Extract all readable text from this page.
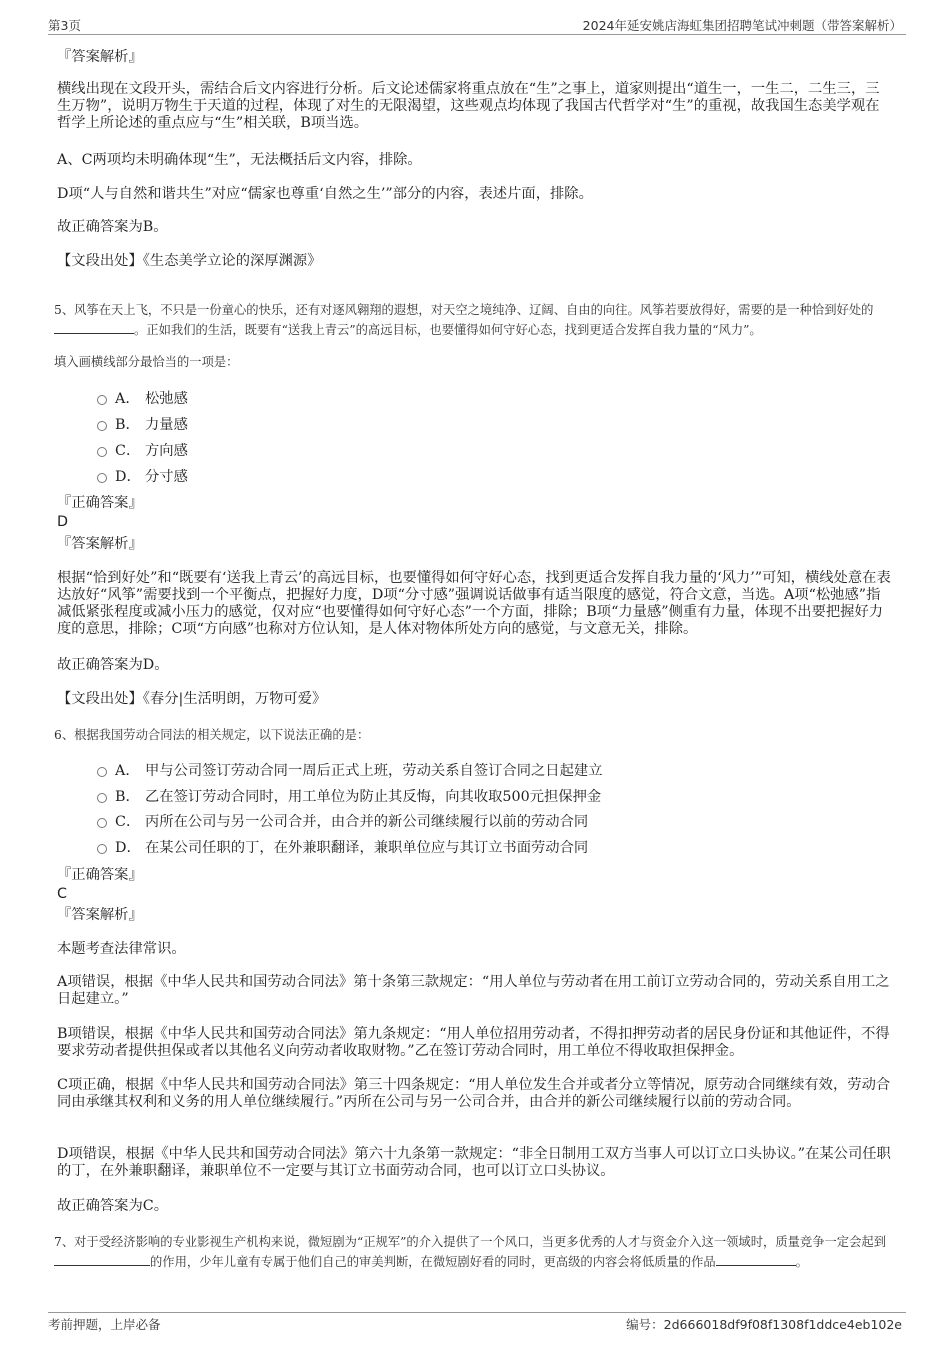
第3页	2024年延安姚店海虹集团招聘笔试冲刺题（带答案解析）
『答案解析』

横线出现在文段开头，需结合后文内容进行分析。后文论述儒家将重点放在“生”之事上，道家则提出“道生一，一生二，二生三，三生万物”，说明万物生于天道的过程，体现了对生的无限渴望，这些观点均体现了我国古代哲学对“生”的重视，故我国生态美学观在哲学上所论述的重点应与“生”相关联，B项当选。

A、C两项均未明确体现“生”，无法概括后文内容，排除。

D项“人与自然和谐共生”对应“儒家也尊重‘自然之生’”部分的内容，表述片面，排除。

故正确答案为B。

【文段出处】《生态美学立论的深厚渊源》

5、风筝在天上飞，不只是一份童心的快乐，还有对逐风翱翔的遐想，对天空之境纯净、辽阔、自由的向往。风筝若要放得好，需要的是一种恰到好处的。正如我们的生活，既要有“送我上青云”的高远目标，也要懂得如何守好心态，找到更适合发挥自我力量的“风力”。

填入画横线部分最恰当的一项是：

A． 松弛感
B． 力量感
C． 方向感
D． 分寸感
『正确答案』
D
『答案解析』

根据“恰到好处”和“既要有‘送我上青云’的高远目标，也要懂得如何守好心态，找到更适合发挥自我力量的‘风力’”可知，横线处意在表达放好“风筝”需要找到一个平衡点，把握好力度，D项“分寸感”强调说话做事有适当限度的感觉，符合文意，当选。A项“松弛感”指减低紧张程度或减小压力的感觉，仅对应“也要懂得如何守好心态”一个方面，排除；B项“力量感”侧重有力量，体现不出要把握好力度的意思，排除；C项“方向感”也称对方位认知，是人体对物体所处方向的感觉，与文意无关，排除。

故正确答案为D。

【文段出处】《春分|生活明朗，万物可爱》

6、根据我国劳动合同法的相关规定，以下说法正确的是：

A． 甲与公司签订劳动合同一周后正式上班，劳动关系自签订合同之日起建立
B． 乙在签订劳动合同时，用工单位为防止其反悔，向其收取500元担保押金
C． 丙所在公司与另一公司合并，由合并的新公司继续履行以前的劳动合同
D． 在某公司任职的丁，在外兼职翻译，兼职单位应与其订立书面劳动合同
『正确答案』
C
『答案解析』

本题考查法律常识。

A项错误，根据《中华人民共和国劳动合同法》第十条第三款规定：“用人单位与劳动者在用工前订立劳动合同的，劳动关系自用工之日起建立。”

B项错误，根据《中华人民共和国劳动合同法》第九条规定：“用人单位招用劳动者，不得扣押劳动者的居民身份证和其他证件，不得要求劳动者提供担保或者以其他名义向劳动者收取财物。”乙在签订劳动合同时，用工单位不得收取担保押金。

C项正确，根据《中华人民共和国劳动合同法》第三十四条规定：“用人单位发生合并或者分立等情况，原劳动合同继续有效，劳动合同由承继其权利和义务的用人单位继续履行。”丙所在公司与另一公司合并，由合并的新公司继续履行以前的劳动合同。

D项错误，根据《中华人民共和国劳动合同法》第六十九条第一款规定：“非全日制用工双方当事人可以订立口头协议。”在某公司任职的丁，在外兼职翻译，兼职单位不一定要与其订立书面劳动合同，也可以订立口头协议。

故正确答案为C。

7、对于受经济影响的专业影视生产机构来说，微短剧为“正规军”的介入提供了一个风口，当更多优秀的人才与资金介入这一领域时，质量竞争一定会起到的作用，少年儿童有专属于他们自己的审美判断，在微短剧好看的同时，更高级的内容会将低质量的作品	。

考前押题，上岸必备	编号：2d666018df9f08f1308f1ddce4eb102e
